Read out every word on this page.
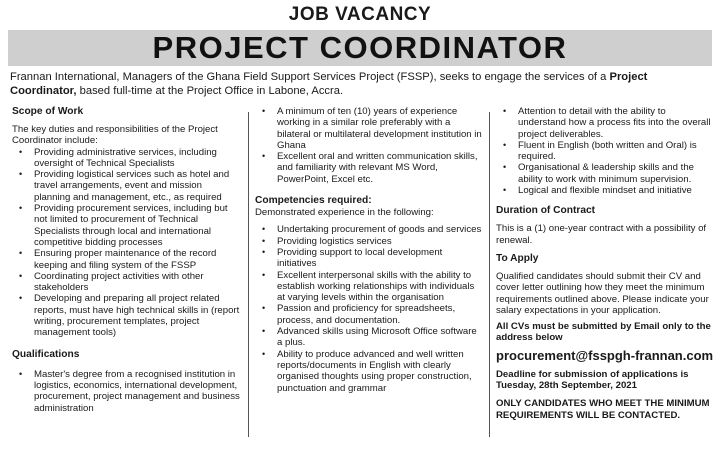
JOB VACANCY
PROJECT COORDINATOR
Frannan International, Managers of the Ghana Field Support Services Project (FSSP), seeks to engage the services of a Project Coordinator, based full-time at the Project Office in Labone, Accra.
Scope of Work

The key duties and responsibilities of the Project Coordinator include:

• Providing administrative services, including oversight of Technical Specialists
• Providing logistical services such as hotel and travel arrangements, event and mission planning and management, etc., as required
• Providing procurement services, including but not limited to procurement of Technical Specialists through local and international competitive bidding processes
• Ensuring proper maintenance of the record keeping and filing system of the FSSP
• Coordinating project activities with other stakeholders
• Developing and preparing all project related reports, must have high technical skills in (report writing, procurement templates, project management tools)
Qualifications
• Master's degree from a recognised institution in logistics, economics, international development, procurement, project management and business administration
• A minimum of ten (10) years of experience working in a similar role preferably with a bilateral or multilateral development institution in Ghana
• Excellent oral and written communication skills, and familiarity with relevant MS Word, PowerPoint, Excel etc.
Competencies required:

Demonstrated experience in the following:

• Undertaking procurement of goods and services
• Providing logistics services
• Providing support to local development initiatives
• Excellent interpersonal skills with the ability to establish working relationships with individuals at varying levels within the organisation
• Passion and proficiency for spreadsheets, process, and documentation.
• Advanced skills using Microsoft Office software a plus.
• Ability to produce advanced and well written reports/documents in English with clearly organised thoughts using proper construction, punctuation and grammar
• Attention to detail with the ability to understand how a process fits into the overall project deliverables.
• Fluent in English (both written and Oral) is required.
• Organisational & leadership skills and the ability to work with minimum supervision.
• Logical and flexible mindset and initiative
Duration of Contract

This is a (1) one-year contract with a possibility of renewal.

To Apply

Qualified candidates should submit their CV and cover letter outlining how they meet the minimum requirements outlined above. Please indicate your salary expectations in your application.

All CVs must be submitted by Email only to the address below

procurement@fsspgh-frannan.com

Deadline for submission of applications is

Tuesday, 28th September, 2021

ONLY CANDIDATES WHO MEET THE MINIMUM REQUIREMENTS WILL BE CONTACTED.
